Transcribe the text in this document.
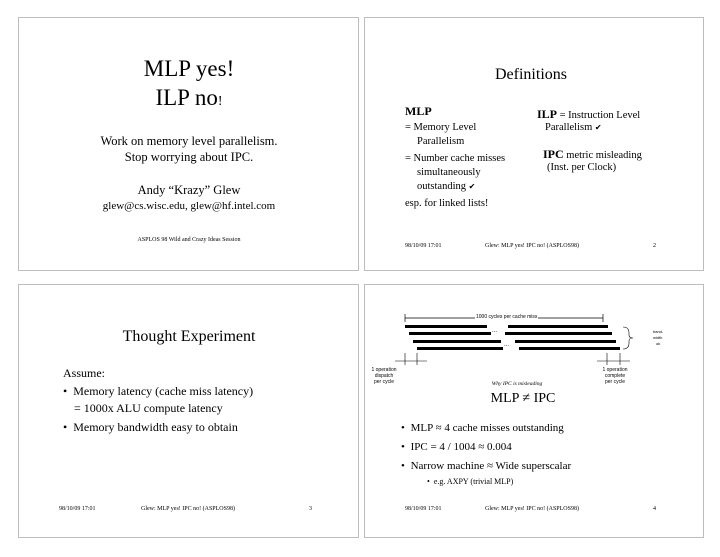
MLP yes!
ILP no!
Work on memory level parallelism.
Stop worrying about IPC.
Andy “Krazy” Glew
glew@cs.wisc.edu, glew@hf.intel.com
ASPLOS 98 Wild and Crazy Ideas Session
Definitions
MLP
= Memory Level
Parallelism
= Number cache misses
simultaneously
outstanding ✔
esp. for linked lists!
ILP = Instruction Level
Parallelism ✔
IPC metric misleading
(Inst. per Clock)
98/10/09 17:01	Glew: MLP yes! IPC no! (ASPLOS98)	2
Thought Experiment
Assume:
• Memory latency (cache miss latency)
= 1000x ALU compute latency
• Memory bandwidth easy to obtain
98/10/09 17:01	Glew: MLP yes! IPC no! (ASPLOS98)	3
1000 cycles per cache miss
...
...
band-
width
ok
1 operation
dispatch
per cycle
1 operation
complete
per cycle
Why IPC is misleading
MLP ≠ IPC
• MLP ≈ 4 cache misses outstanding
• IPC = 4 / 1004 ≈ 0.004
• Narrow machine ≈ Wide superscalar
• e.g. AXPY (trivial MLP)
98/10/09 17:01	Glew: MLP yes! IPC no! (ASPLOS98)	4
